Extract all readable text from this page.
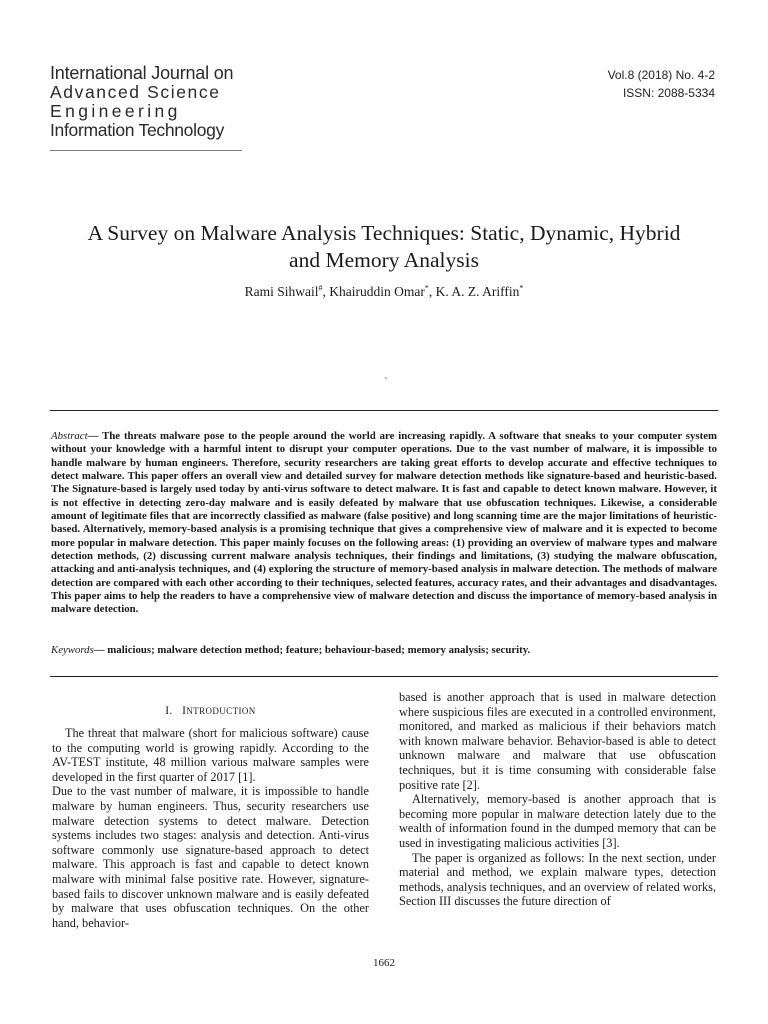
International Journal on
Advanced Science
Engineering
Information Technology
Vol.8 (2018) No. 4-2
ISSN: 2088-5334
A Survey on Malware Analysis Techniques: Static, Dynamic, Hybrid
and Memory Analysis
Rami Sihwail#, Khairuddin Omar*, K. A. Z. Ariffin*
`
Abstract— The threats malware pose to the people around the world are increasing rapidly. A software that sneaks to your computer system without your knowledge with a harmful intent to disrupt your computer operations. Due to the vast number of malware, it is impossible to handle malware by human engineers. Therefore, security researchers are taking great efforts to develop accurate and effective techniques to detect malware. This paper offers an overall view and detailed survey for malware detection methods like signature-based and heuristic-based. The Signature-based is largely used today by anti-virus software to detect malware. It is fast and capable to detect known malware. However, it is not effective in detecting zero-day malware and is easily defeated by malware that use obfuscation techniques. Likewise, a considerable amount of legitimate files that are incorrectly classified as malware (false positive) and long scanning time are the major limitations of heuristic-based. Alternatively, memory-based analysis is a promising technique that gives a comprehensive view of malware and it is expected to become more popular in malware detection. This paper mainly focuses on the following areas: (1) providing an overview of malware types and malware detection methods, (2) discussing current malware analysis techniques, their findings and limitations, (3) studying the malware obfuscation, attacking and anti-analysis techniques, and (4) exploring the structure of memory-based analysis in malware detection. The methods of malware detection are compared with each other according to their techniques, selected features, accuracy rates, and their advantages and disadvantages. This paper aims to help the readers to have a comprehensive view of malware detection and discuss the importance of memory-based analysis in malware detection.
Keywords— malicious; malware detection method; feature; behaviour-based; memory analysis; security.
I. INTRODUCTION

The threat that malware (short for malicious software) cause to the computing world is growing rapidly. According to the AV-TEST institute, 48 million various malware samples were developed in the first quarter of 2017 [1].

Due to the vast number of malware, it is impossible to handle malware by human engineers. Thus, security researchers use malware detection systems to detect malware. Detection systems includes two stages: analysis and detection. Anti-virus software commonly use signature-based approach to detect malware. This approach is fast and capable to detect known malware with minimal false positive rate. However, signature-based fails to discover unknown malware and is easily defeated by malware that uses obfuscation techniques. On the other hand, behavior-

based is another approach that is used in malware detection where suspicious files are executed in a controlled environment, monitored, and marked as malicious if their behaviors match with known malware behavior. Behavior-based is able to detect unknown malware and malware that use obfuscation techniques, but it is time consuming with considerable false positive rate [2].

Alternatively, memory-based is another approach that is becoming more popular in malware detection lately due to the wealth of information found in the dumped memory that can be used in investigating malicious activities [3].

The paper is organized as follows: In the next section, under material and method, we explain malware types, detection methods, analysis techniques, and an overview of related works, Section III discusses the future direction of

1662
